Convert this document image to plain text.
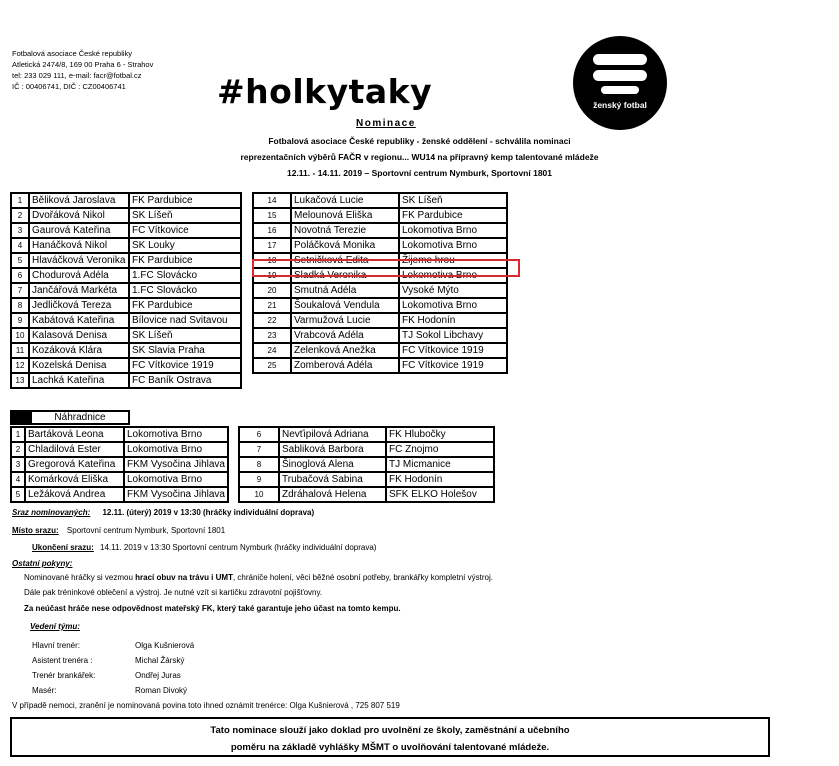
Fotbalová asociace České republiky
Atletická 2474/8, 169 00 Praha 6 - Strahov
tel: 233 029 111, e-mail: facr@fotbal.cz
IČ : 00406741, DIČ : CZ00406741	#holkytaky	ženský fotbal
Nominace
Fotbalová asociace České republiky - ženské oddělení - schválila nominaci
reprezentačních výběrů FAČR v regionu... WU14 na přípravný kemp talentované mládeže
12.11. - 14.11. 2019 – Sportovní centrum Nymburk, Sportovní 1801
1	Běliková Jaroslava	FK Pardubice
2	Dvořáková Nikol	SK Líšeň
3	Gaurová Kateřina	FC Vítkovice
4	Hanáčková Nikol	SK Louky
5	Hlaváčková Veronika	FK Pardubice
6	Chodurová Adéla	1.FC Slovácko
7	Jančářová Markéta	1.FC Slovácko
8	Jedličková Tereza	FK Pardubice
9	Kabátová Kateřina	Bílovice nad Svitavou
10	Kalasová Denisa	SK Líšeň
11	Kozáková Klára	SK Slavia Praha
12	Kozelská Denisa	FC Vítkovice 1919
13	Lachká Kateřina	FC Baník Ostrava
14	Lukačová Lucie	SK Líšeň
15	Melounová Eliška	FK Pardubice
16	Novotná Terezie	Lokomotiva Brno
17	Poláčková Monika	Lokomotiva Brno
18	Setničková Edita	Žijeme hrou
19	Sladká Veronika	Lokomotiva Brno
20	Smutná Adéla	Vysoké Mýto
21	Šoukalová Vendula	Lokomotiva Brno
22	Varmužová Lucie	FK Hodonín
23	Vrabcová Adéla	TJ Sokol Libchavy
24	Zelenková Anežka	FC Vítkovice 1919
25	Zomberová Adéla	FC Vítkovice 1919
Náhradnice
1	Bartáková Leona	Lokomotiva Brno
2	Chladilová Ester	Lokomotiva Brno
3	Gregorová Kateřina	FKM Vysočina Jihlava
4	Komárková Eliška	Lokomotiva Brno
5	Ležáková Andrea	FKM Vysočina Jihlava
6	Nevťipilová Adriana	FK Hlubočky
7	Sabliková Barbora	FC Znojmo
8	Šinoglová Alena	TJ Micmanice
9	Trubačová Sabina	FK Hodonín
10	Zdráhalová Helena	SFK ELKO Holešov
Sraz nominovaných: 12.11. (úterý) 2019 v 13:30 (hráčky individuální doprava)
Místo srazu: Sportovní centrum Nymburk, Sportovní 1801
Ukončení srazu: 14.11. 2019 v 13:30 Sportovní centrum Nymburk (hráčky individuální doprava)
Ostatní pokyny:
Nominované hráčky si vezmou hrací obuv na trávu i UMT, chrániče holení, věci běžné osobní potřeby, brankářky kompletní výstroj.
Dále pak tréninkové oblečení a výstroj. Je nutné vzít si kartičku zdravotní pojišťovny.
Za neúčast hráče nese odpovědnost mateřský FK, který také garantuje jeho účast na tomto kempu.
Vedení týmu:
Hlavní trenér:	Olga Kušnierová
Asistent trenéra :	Michal Žárský
Trenér brankářek:	Ondřej Juras
Masér:	Roman Divoký
V případě nemoci, zranění je nominovaná povina toto ihned oznámit trenérce: Olga Kušnierová , 725 807 519
Tato nominace slouží jako doklad pro uvolnění ze školy, zaměstnání a učebního
poměru na základě vyhlášky MŠMT o uvolňování talentované mládeže.
